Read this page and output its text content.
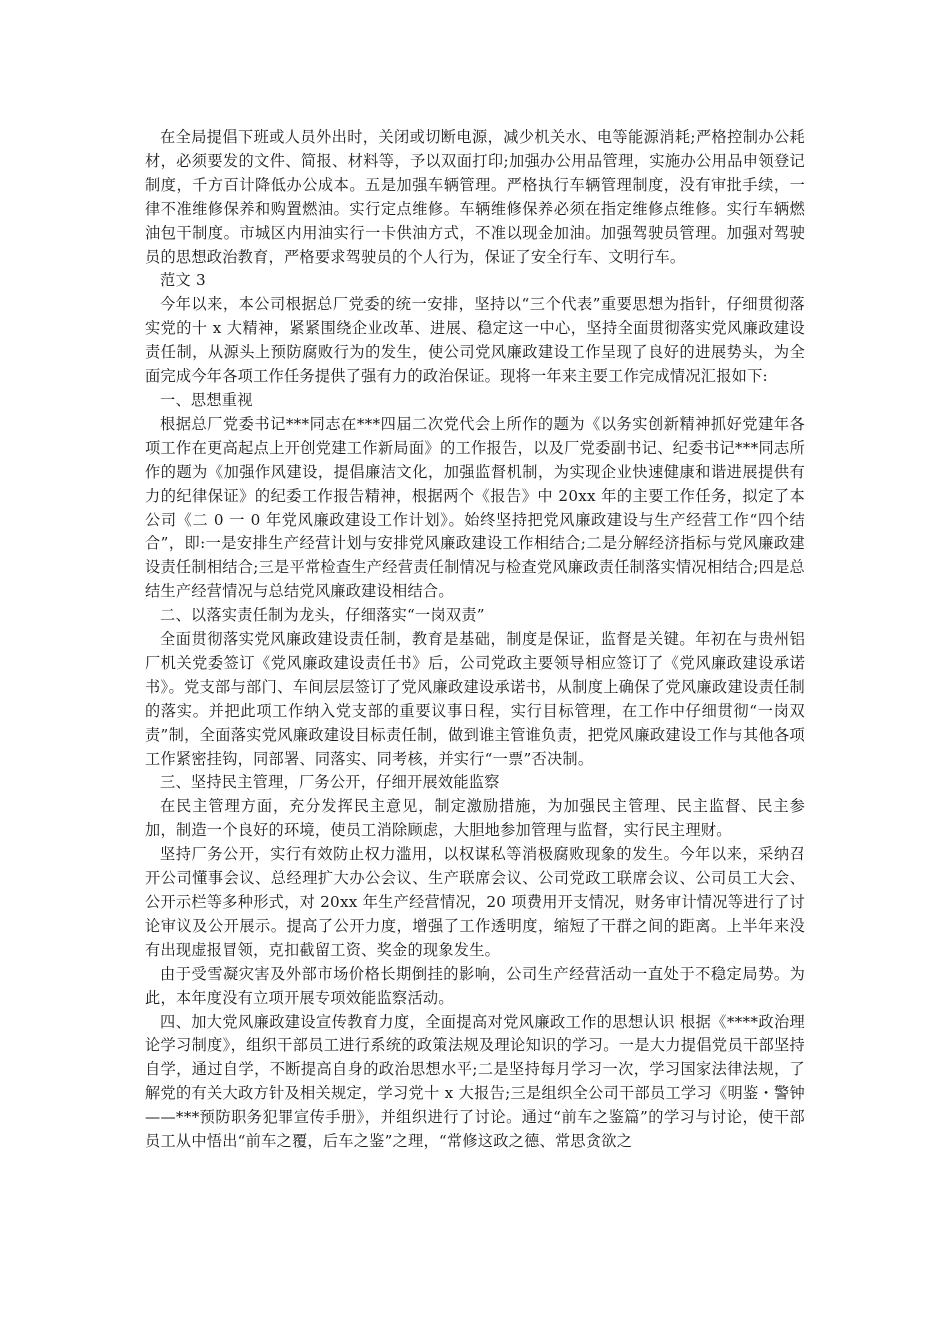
在全局提倡下班或人员外出时，关闭或切断电源，减少机关水、电等能源消耗;严格控制办公耗材，必须要发的文件、简报、材料等，予以双面打印;加强办公用品管理，实施办公用品申领登记制度，千方百计降低办公成本。五是加强车辆管理。严格执行车辆管理制度，没有审批手续，一律不准维修保养和购置燃油。实行定点维修。车辆维修保养必须在指定维修点维修。实行车辆燃油包干制度。市城区内用油实行一卡供油方式，不准以现金加油。加强驾驶员管理。加强对驾驶员的思想政治教育，严格要求驾驶员的个人行为，保证了安全行车、文明行车。

范文 3

今年以来，本公司根据总厂党委的统一安排，坚持以“三个代表”重要思想为指针，仔细贯彻落实党的十 x 大精神，紧紧围绕企业改革、进展、稳定这一中心，坚持全面贯彻落实党风廉政建设责任制，从源头上预防腐败行为的发生，使公司党风廉政建设工作呈现了良好的进展势头，为全面完成今年各项工作任务提供了强有力的政治保证。现将一年来主要工作完成情况汇报如下:

一、思想重视

根据总厂党委书记***同志在***四届二次党代会上所作的题为《以务实创新精神抓好党建年各项工作在更高起点上开创党建工作新局面》的工作报告，以及厂党委副书记、纪委书记***同志所作的题为《加强作风建设，提倡廉洁文化，加强监督机制，为实现企业快速健康和谐进展提供有力的纪律保证》的纪委工作报告精神，根据两个《报告》中 20xx 年的主要工作任务，拟定了本公司《二 0 一 0 年党风廉政建设工作计划》。始终坚持把党风廉政建设与生产经营工作“四个结合”，即:一是安排生产经营计划与安排党风廉政建设工作相结合;二是分解经济指标与党风廉政建设责任制相结合;三是平常检查生产经营责任制情况与检查党风廉政责任制落实情况相结合;四是总结生产经营情况与总结党风廉政建设相结合。

二、以落实责任制为龙头，仔细落实“一岗双责”

全面贯彻落实党风廉政建设责任制，教育是基础，制度是保证，监督是关键。年初在与贵州铝厂机关党委签订《党风廉政建设责任书》后，公司党政主要领导相应签订了《党风廉政建设承诺书》。党支部与部门、车间层层签订了党风廉政建设承诺书，从制度上确保了党风廉政建设责任制的落实。并把此项工作纳入党支部的重要议事日程，实行目标管理，在工作中仔细贯彻“一岗双责”制，全面落实党风廉政建设目标责任制，做到谁主管谁负责，把党风廉政建设工作与其他各项工作紧密挂钩，同部署、同落实、同考核，并实行“一票”否决制。

三、坚持民主管理，厂务公开，仔细开展效能监察

在民主管理方面，充分发挥民主意见，制定激励措施，为加强民主管理、民主监督、民主参加，制造一个良好的环境，使员工消除顾虑，大胆地参加管理与监督，实行民主理财。

坚持厂务公开，实行有效防止权力滥用，以权谋私等消极腐败现象的发生。今年以来，采纳召开公司懂事会议、总经理扩大办公会议、生产联席会议、公司党政工联席会议、公司员工大会、公开示栏等多种形式，对 20xx 年生产经营情况，20 项费用开支情况，财务审计情况等进行了讨论审议及公开展示。提高了公开力度，增强了工作透明度，缩短了干群之间的距离。上半年来没有出现虚报冒领，克扣截留工资、奖金的现象发生。

由于受雪凝灾害及外部市场价格长期倒挂的影响，公司生产经营活动一直处于不稳定局势。为此，本年度没有立项开展专项效能监察活动。

四、加大党风廉政建设宣传教育力度，全面提高对党风廉政工作的思想认识 根据《****政治理论学习制度》，组织干部员工进行系统的政策法规及理论知识的学习。一是大力提倡党员干部坚持自学，通过自学，不断提高自身的政治思想水平;二是坚持每月学习一次，学习国家法律法规，了解党的有关大政方针及相关规定，学习党十 x 大报告;三是组织全公司干部员工学习《明鉴・警钟——***预防职务犯罪宣传手册》，并组织进行了讨论。通过“前车之鉴篇”的学习与讨论，使干部员工从中悟出“前车之覆，后车之鉴”之理，“常修这政之德、常思贪欲之
